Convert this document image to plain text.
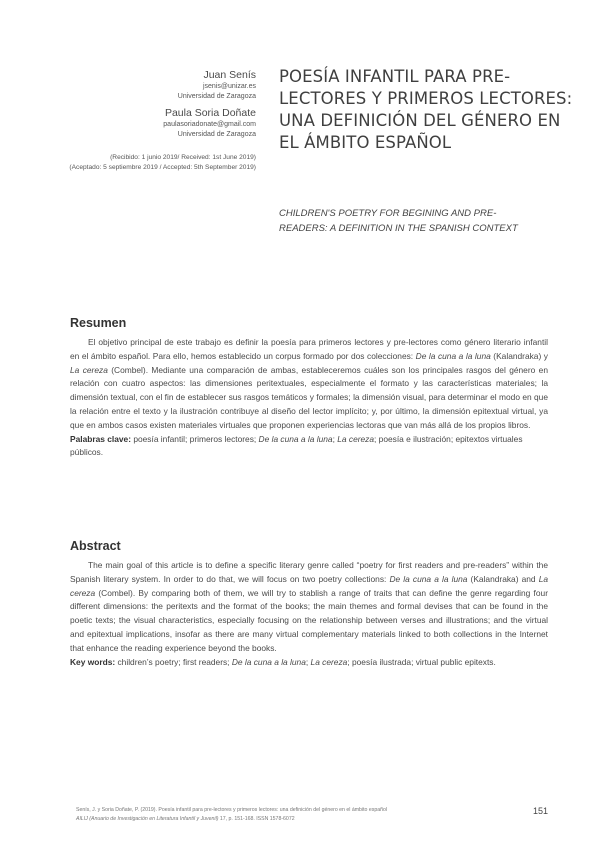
Juan Senís
jsenis@unizar.es
Universidad de Zaragoza
Paula Soria Doñate
paulasoriadonate@gmail.com
Universidad de Zaragoza
(Recibido: 1 junio 2019/ Received: 1st June 2019)
(Aceptado: 5 septiembre 2019 / Accepted: 5th September 2019)
POESÍA INFANTIL PARA PRE-LECTORES Y PRIMEROS LECTORES: UNA DEFINICIÓN DEL GÉNERO EN EL ÁMBITO ESPAÑOL

CHILDREN'S POETRY FOR BEGINING AND PRE-READERS: A DEFINITION IN THE SPANISH CONTEXT

Resumen

El objetivo principal de este trabajo es definir la poesía para primeros lectores y pre-lectores como género literario infantil en el ámbito español. Para ello, hemos establecido un corpus formado por dos colecciones: De la cuna a la luna (Kalandraka) y La cereza (Combel). Mediante una comparación de ambas, estableceremos cuáles son los principales rasgos del género en relación con cuatro aspectos: las dimensiones peritextuales, especialmente el formato y las características materiales; la dimensión textual, con el fin de establecer sus rasgos temáticos y formales; la dimensión visual, para determinar el modo en que la relación entre el texto y la ilustración contribuye al diseño del lector implícito; y, por último, la dimensión epitextual virtual, ya que en ambos casos existen materiales virtuales que proponen experiencias lectoras que van más allá de los propios libros.

Palabras clave: poesía infantil; primeros lectores; De la cuna a la luna; La cereza; poesía e ilustración; epitextos virtuales públicos.

Abstract

The main goal of this article is to define a specific literary genre called “poetry for first readers and pre-readers” within the Spanish literary system. In order to do that, we will focus on two poetry collections: De la cuna a la luna (Kalandraka) and La cereza (Combel). By comparing both of them, we will try to stablish a range of traits that can define the genre regarding four different dimensions: the peritexts and the format of the books; the main themes and formal devises that can be found in the poetic texts; the visual characteristics, especially focusing on the relationship between verses and illustrations; and the virtual and epitextual implications, insofar as there are many virtual complementary materials linked to both collections in the Internet that enhance the reading experience beyond the books.

Key words: children’s poetry; first readers; De la cuna a la luna; La cereza; poesía ilustrada; virtual public epitexts.

Senís, J. y Soria Doñate, P. (2019). Poesía infantil para pre-lectores y primeros lectores: una definición del género en el ámbito español
AILIJ (Anuario de Investigación en Literatura Infantil y Juvenil) 17, p. 151-168. ISSN 1578-6072
151
